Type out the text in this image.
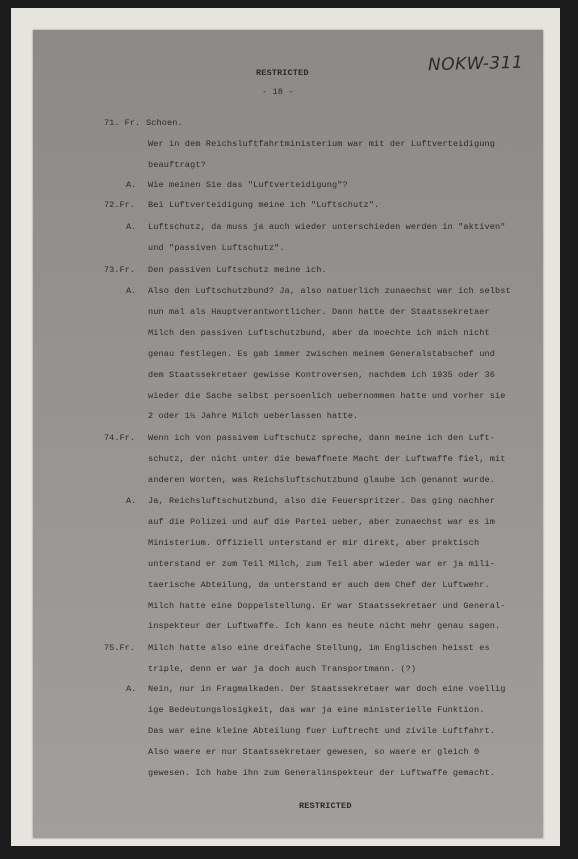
NOKW-311
RESTRICTED
- 18 -
71. Fr. Schoen.
Wer in dem Reichsluftfahrtministerium war mit der Luftverteidigung
beauftragt?
A. Wie meinen Sie das "Luftverteidigung"?
72.Fr. Bei Luftverteidigung meine ich "Luftschutz".
A. Luftschutz, da muss ja auch wieder unterschieden werden in "aktiven"
und "passiven Luftschutz".
73.Fr. Den passiven Luftschutz meine ich.
A. Also den Luftschutzbund? Ja, also natuerlich zunaechst war ich selbst
nun mal als Hauptverantwortlicher. Dann hatte der Staatssekretaer
Milch den passiven Luftschutzbund, aber da moechte ich mich nicht
genau festlegen. Es gab immer zwischen meinem Generalstabschef und
dem Staatssekretaer gewisse Kontroversen, nachdem ich 1935 oder 36
wieder die Sache selbst persoenlich uebernommen hatte und vorher sie
2 oder 1½ Jahre Milch ueberlassen hatte.
74.Fr. Wenn ich von passivem Luftschutz spreche, dann meine ich den Luft-
schutz, der nicht unter die bewaffnete Macht der Luftwaffe fiel, mit
anderen Worten, was Reichsluftschutzbund glaube ich genannt wurde.
A. Ja, Reichsluftschutzbund, also die Feuerspritzer. Das ging nachher
auf die Polizei und auf die Partei ueber, aber zunaechst war es im
Ministerium. Offiziell unterstand er mir direkt, aber praktisch
unterstand er zum Teil Milch, zum Teil aber wieder war er ja mili-
taerische Abteilung, da unterstand er auch dem Chef der Luftwehr.
Milch hatte eine Doppelstellung. Er war Staatssekretaer und General-
inspekteur der Luftwaffe. Ich kann es heute nicht mehr genau sagen.
75.Fr. Milch hatte also eine dreifache Stellung, im Englischen heisst es
triple, denn er war ja doch auch Transportmann. (?)
A. Nein, nur in Fragmalkaden. Der Staatssekretaer war doch eine voellig
ige Bedeutungslosigkeit, das war ja eine ministerielle Funktion.
Das war eine kleine Abteilung fuer Luftrecht und zivile Luftfahrt.
Also waere er nur Staatssekretaer gewesen, so waere er gleich 0
gewesen. Ich habe ihn zum Generalinspekteur der Luftwaffe gemacht.
RESTRICTED
